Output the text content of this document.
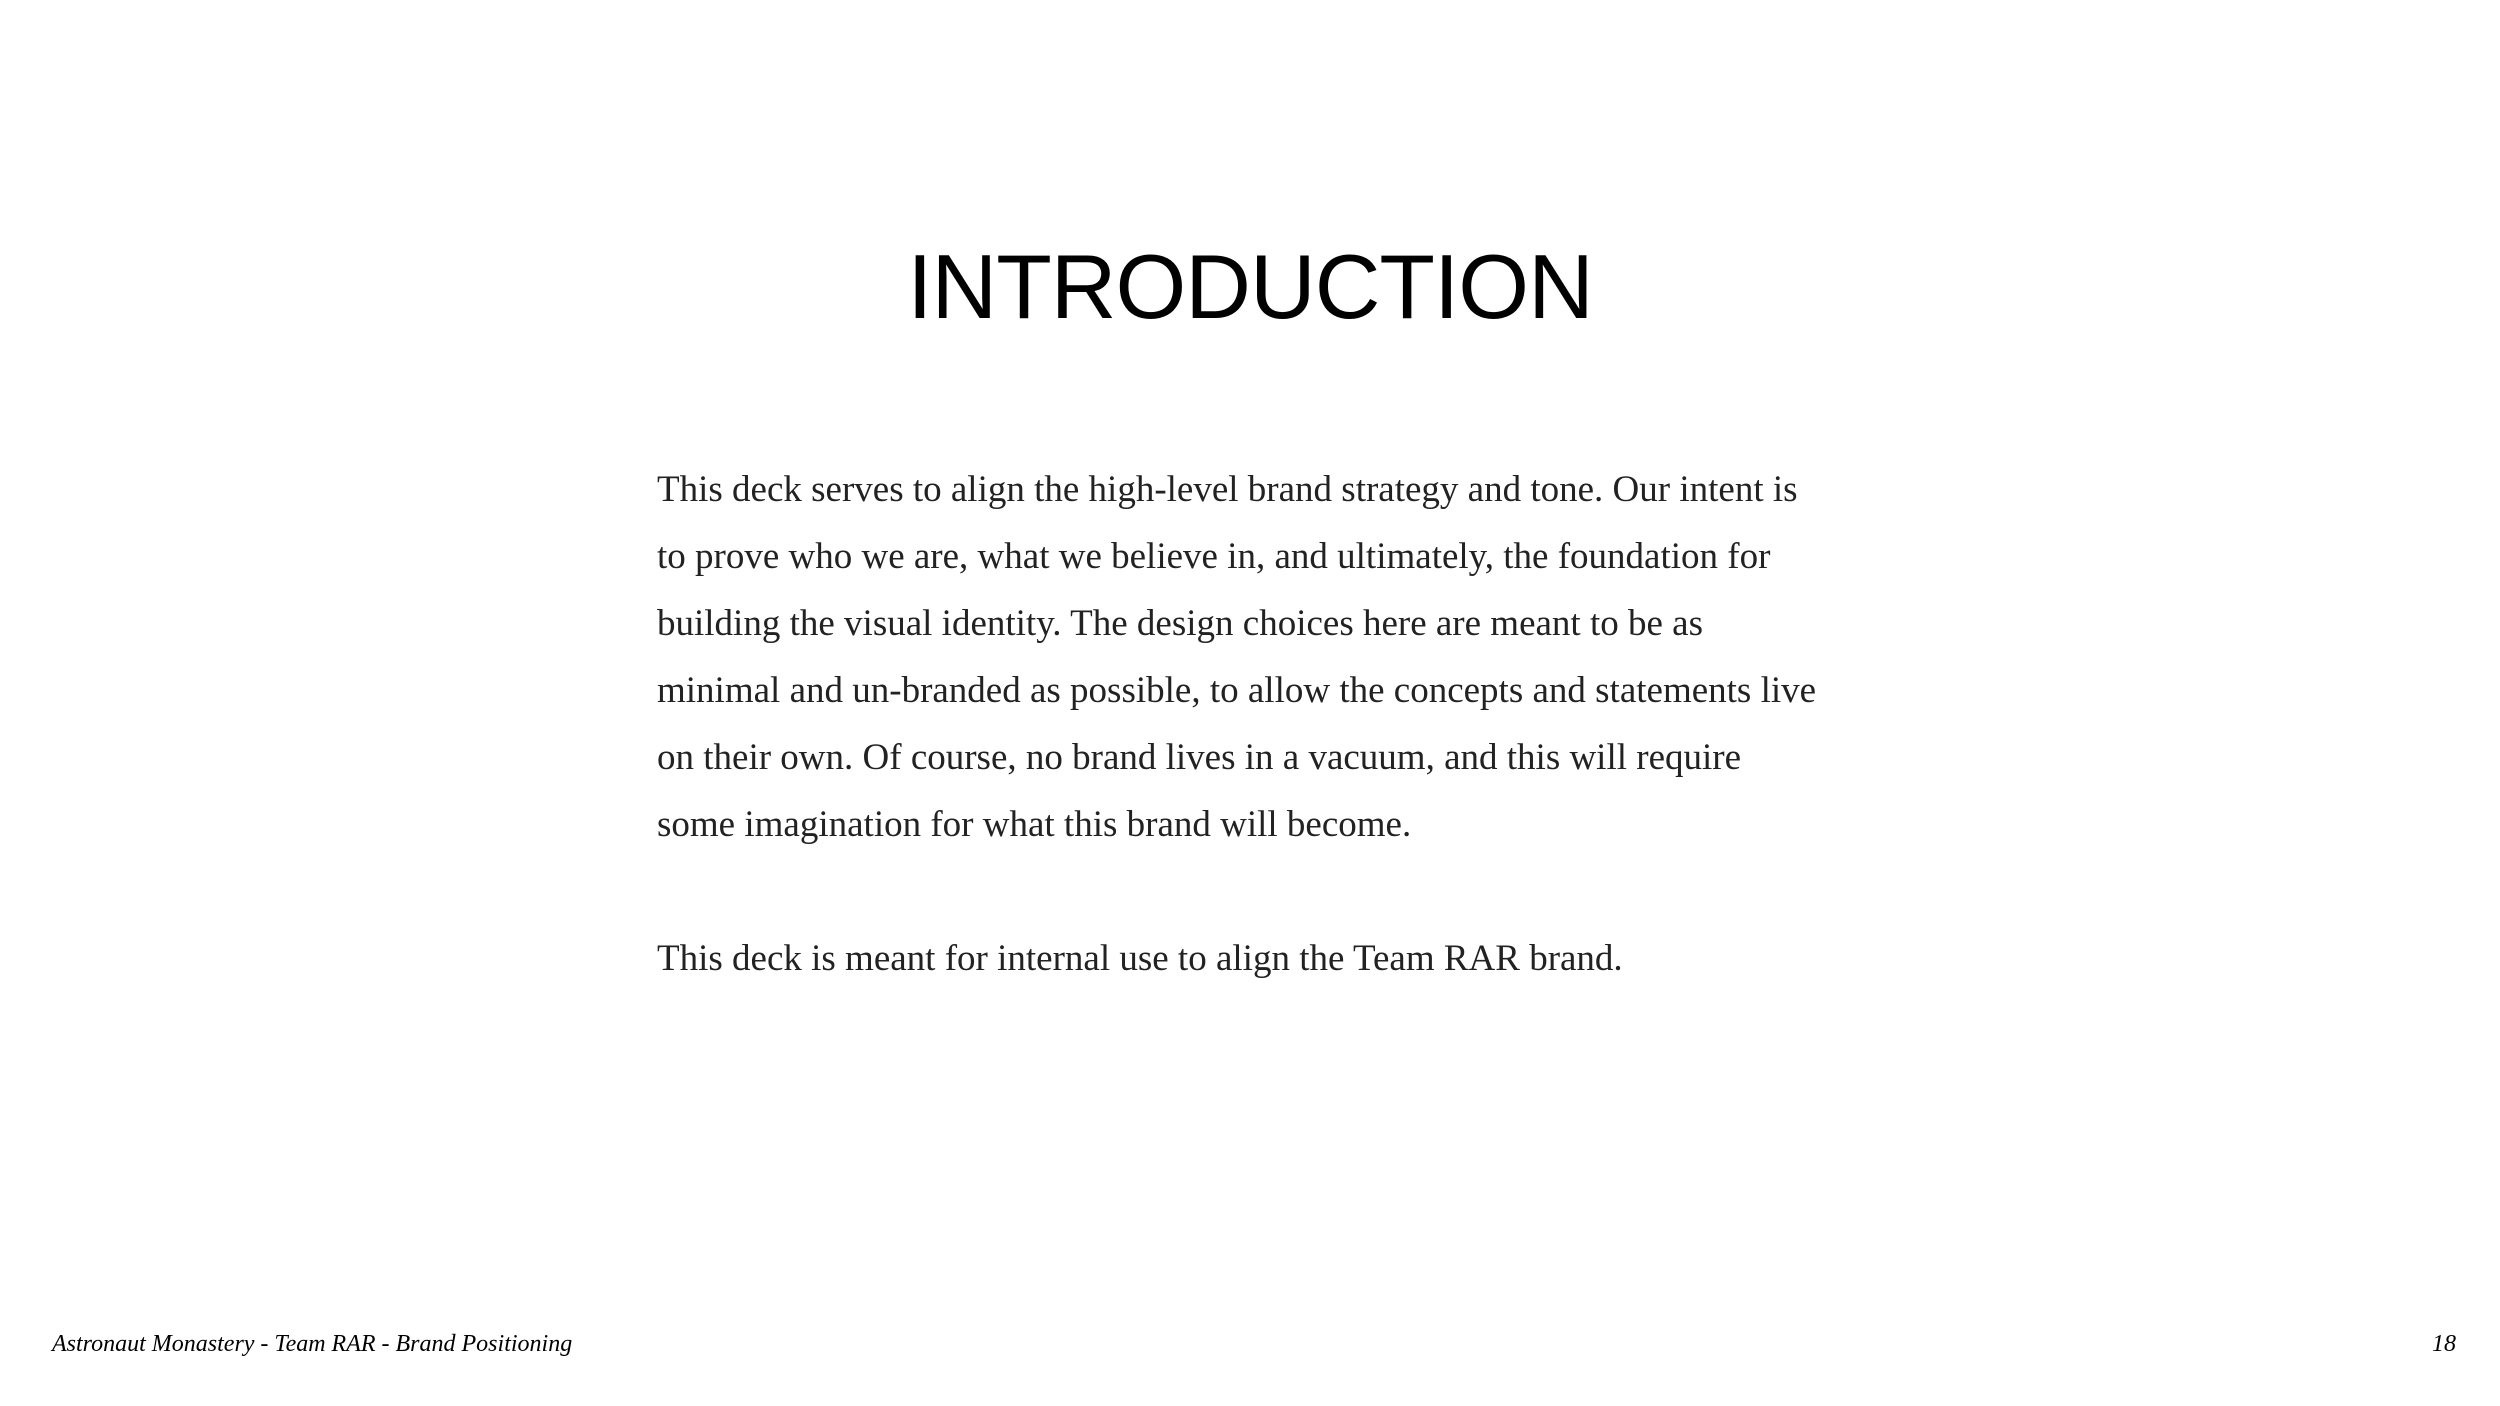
INTRODUCTION

This deck serves to align the high-level brand strategy and tone. Our intent is
to prove who we are, what we believe in, and ultimately, the foundation for
building the visual identity. The design choices here are meant to be as
minimal and un-branded as possible, to allow the concepts and statements live
on their own. Of course, no brand lives in a vacuum, and this will require
some imagination for what this brand will become.

This deck is meant for internal use to align the Team RAR brand.

Astronaut Monastery - Team RAR - Brand Positioning	18
